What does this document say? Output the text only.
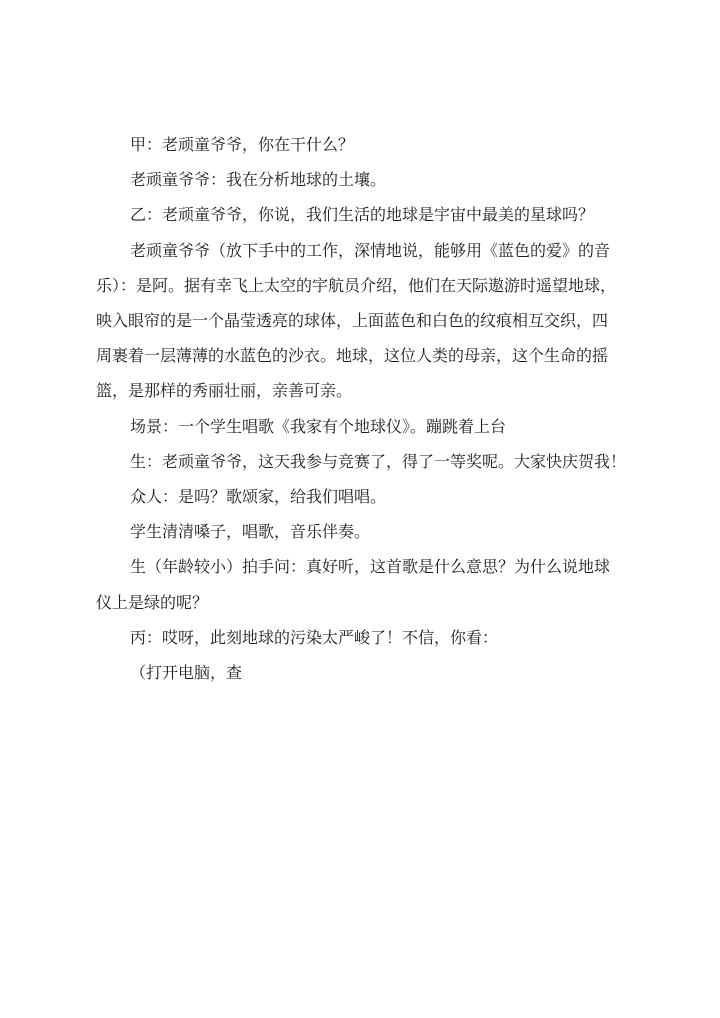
甲：老顽童爷爷，你在干什么？

老顽童爷爷：我在分析地球的土壤。

乙：老顽童爷爷，你说，我们生活的地球是宇宙中最美的星球吗？

老顽童爷爷（放下手中的工作，深情地说，能够用《蓝色的爱》的音
乐）：是阿。据有幸飞上太空的宇航员介绍，他们在天际遨游时遥望地球，
映入眼帘的是一个晶莹透亮的球体，上面蓝色和白色的纹痕相互交织，四
周裹着一层薄薄的水蓝色的沙衣。地球，这位人类的母亲，这个生命的摇
篮，是那样的秀丽壮丽，亲善可亲。

场景：一个学生唱歌《我家有个地球仪》。蹦跳着上台

生：老顽童爷爷，这天我参与竞赛了，得了一等奖呢。大家快庆贺我！

众人：是吗？歌颂家，给我们唱唱。

学生清清嗓子，唱歌，音乐伴奏。

生（年龄较小）拍手问：真好听，这首歌是什么意思？为什么说地球
仪上是绿的呢？

丙：哎呀，此刻地球的污染太严峻了！不信，你看：

（打开电脑，查
